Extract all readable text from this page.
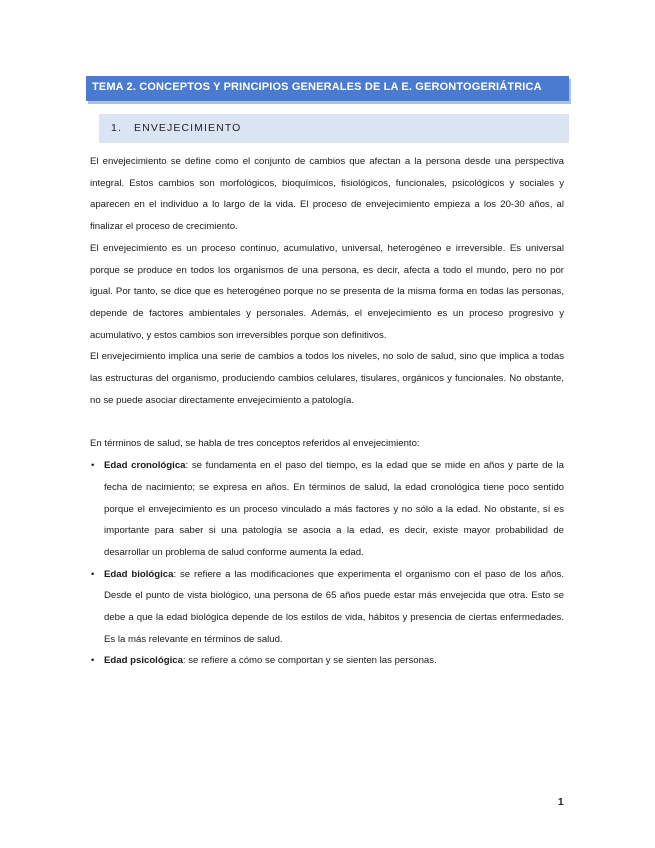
TEMA 2. CONCEPTOS Y PRINCIPIOS GENERALES DE LA E. GERONTOGERIÁTRICA
1. ENVEJECIMIENTO

El envejecimiento se define como el conjunto de cambios que afectan a la persona desde una perspectiva integral. Estos cambios son morfológicos, bioquímicos, fisiológicos, funcionales, psicológicos y sociales y aparecen en el individuo a lo largo de la vida. El proceso de envejecimiento empieza a los 20-30 años, al finalizar el proceso de crecimiento.

El envejecimiento es un proceso continuo, acumulativo, universal, heterogéneo e irreversible. Es universal porque se produce en todos los organismos de una persona, es decir, afecta a todo el mundo, pero no por igual. Por tanto, se dice que es heterogéneo porque no se presenta de la misma forma en todas las personas, depende de factores ambientales y personales. Además, el envejecimiento es un proceso progresivo y acumulativo, y estos cambios son irreversibles porque son definitivos.

El envejecimiento implica una serie de cambios a todos los niveles, no solo de salud, sino que implica a todas las estructuras del organismo, produciendo cambios celulares, tisulares, orgánicos y funcionales. No obstante, no se puede asociar directamente envejecimiento a patología.

En términos de salud, se habla de tres conceptos referidos al envejecimiento:

• Edad cronológica: se fundamenta en el paso del tiempo, es la edad que se mide en años y parte de la fecha de nacimiento; se expresa en años. En términos de salud, la edad cronológica tiene poco sentido porque el envejecimiento es un proceso vinculado a más factores y no sólo a la edad. No obstante, sí es importante para saber si una patología se asocia a la edad, es decir, existe mayor probabilidad de desarrollar un problema de salud conforme aumenta la edad.
• Edad biológica: se refiere a las modificaciones que experimenta el organismo con el paso de los años. Desde el punto de vista biológico, una persona de 65 años puede estar más envejecida que otra. Esto se debe a que la edad biológica depende de los estilos de vida, hábitos y presencia de ciertas enfermedades. Es la más relevante en términos de salud.
• Edad psicológica: se refiere a cómo se comportan y se sienten las personas.
1
